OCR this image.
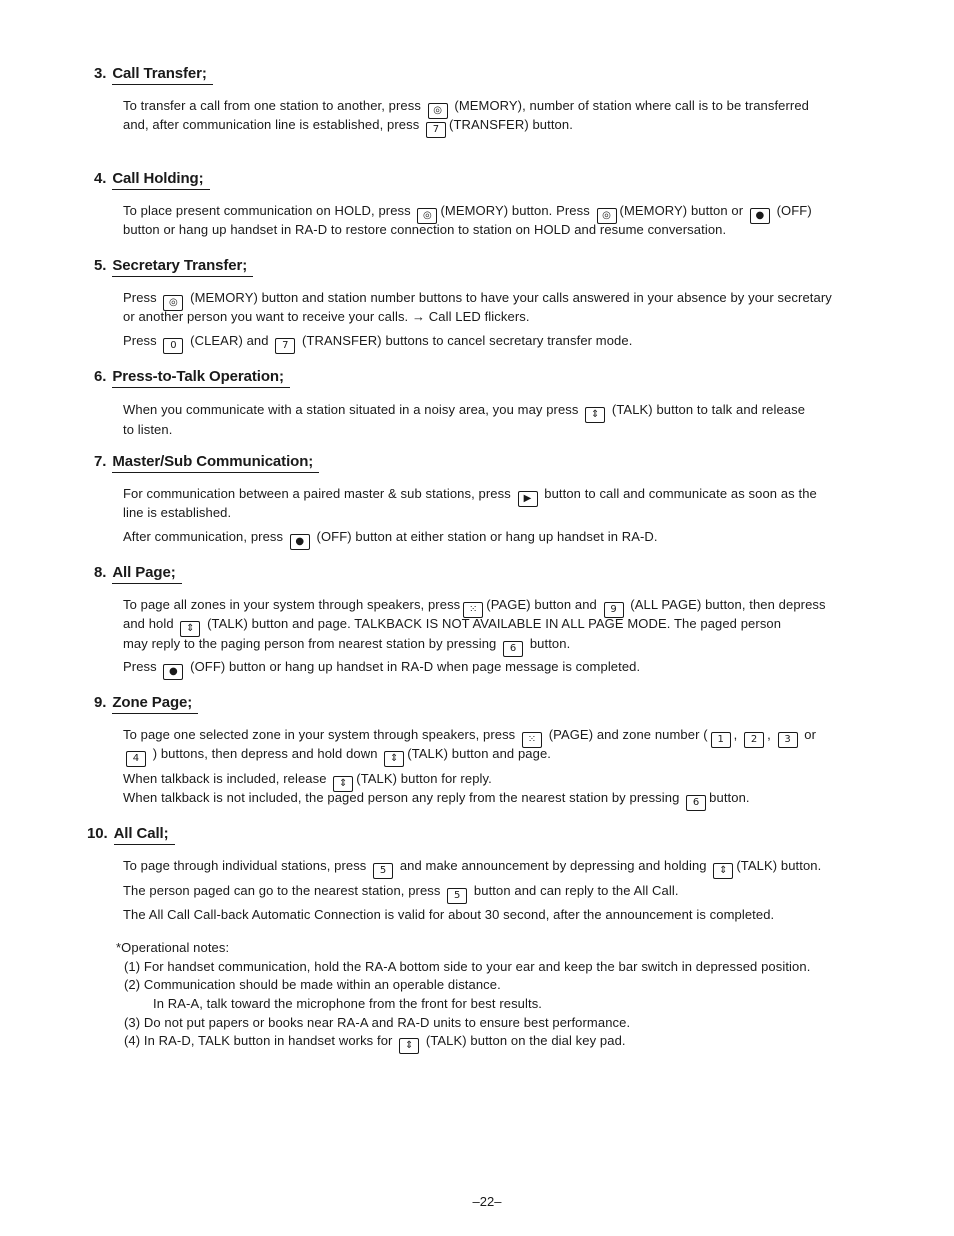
3. Call Transfer;
To transfer a call from one station to another, press ◎ (MEMORY), number of station where call is to be transferred
and, after communication line is established, press 7 (TRANSFER) button.
4. Call Holding;
To place present communication on HOLD, press ◎ (MEMORY) button. Press ◎ (MEMORY) button or ● (OFF)
button or hang up handset in RA-D to restore connection to station on HOLD and resume conversation.
5. Secretary Transfer;
Press ◎ (MEMORY) button and station number buttons to have your calls answered in your absence by your secretary
or another person you want to receive your calls. → Call LED flickers.
Press 0 (CLEAR) and 7 (TRANSFER) buttons to cancel secretary transfer mode.
6. Press-to-Talk Operation;
When you communicate with a station situated in a noisy area, you may press ⇕ (TALK) button to talk and release
to listen.
7. Master/Sub Communication;
For communication between a paired master & sub stations, press ▶ button to call and communicate as soon as the
line is established.
After communication, press ● (OFF) button at either station or hang up handset in RA-D.
8. All Page;
To page all zones in your system through speakers, press ⁙ (PAGE) button and 9 (ALL PAGE) button, then depress
and hold ⇕ (TALK) button and page. TALKBACK IS NOT AVAILABLE IN ALL PAGE MODE. The paged person
may reply to the paging person from nearest station by pressing 6 button.
Press ● (OFF) button or hang up handset in RA-D when page message is completed.
9. Zone Page;
To page one selected zone in your system through speakers, press ⁙ (PAGE) and zone number ( 1 , 2 , 3 or
4 ) buttons, then depress and hold down ⇕ (TALK) button and page.
When talkback is included, release ⇕ (TALK) button for reply.
When talkback is not included, the paged person any reply from the nearest station by pressing 6 button.
10. All Call;
To page through individual stations, press 5 and make announcement by depressing and holding ⇕ (TALK) button.
The person paged can go to the nearest station, press 5 button and can reply to the All Call.
The All Call Call-back Automatic Connection is valid for about 30 second, after the announcement is completed.
*Operational notes:
(1) For handset communication, hold the RA-A bottom side to your ear and keep the bar switch in depressed position.
(2) Communication should be made within an operable distance.
In RA-A, talk toward the microphone from the front for best results.
(3) Do not put papers or books near RA-A and RA-D units to ensure best performance.
(4) In RA-D, TALK button in handset works for ⇕ (TALK) button on the dial key pad.
–22–
